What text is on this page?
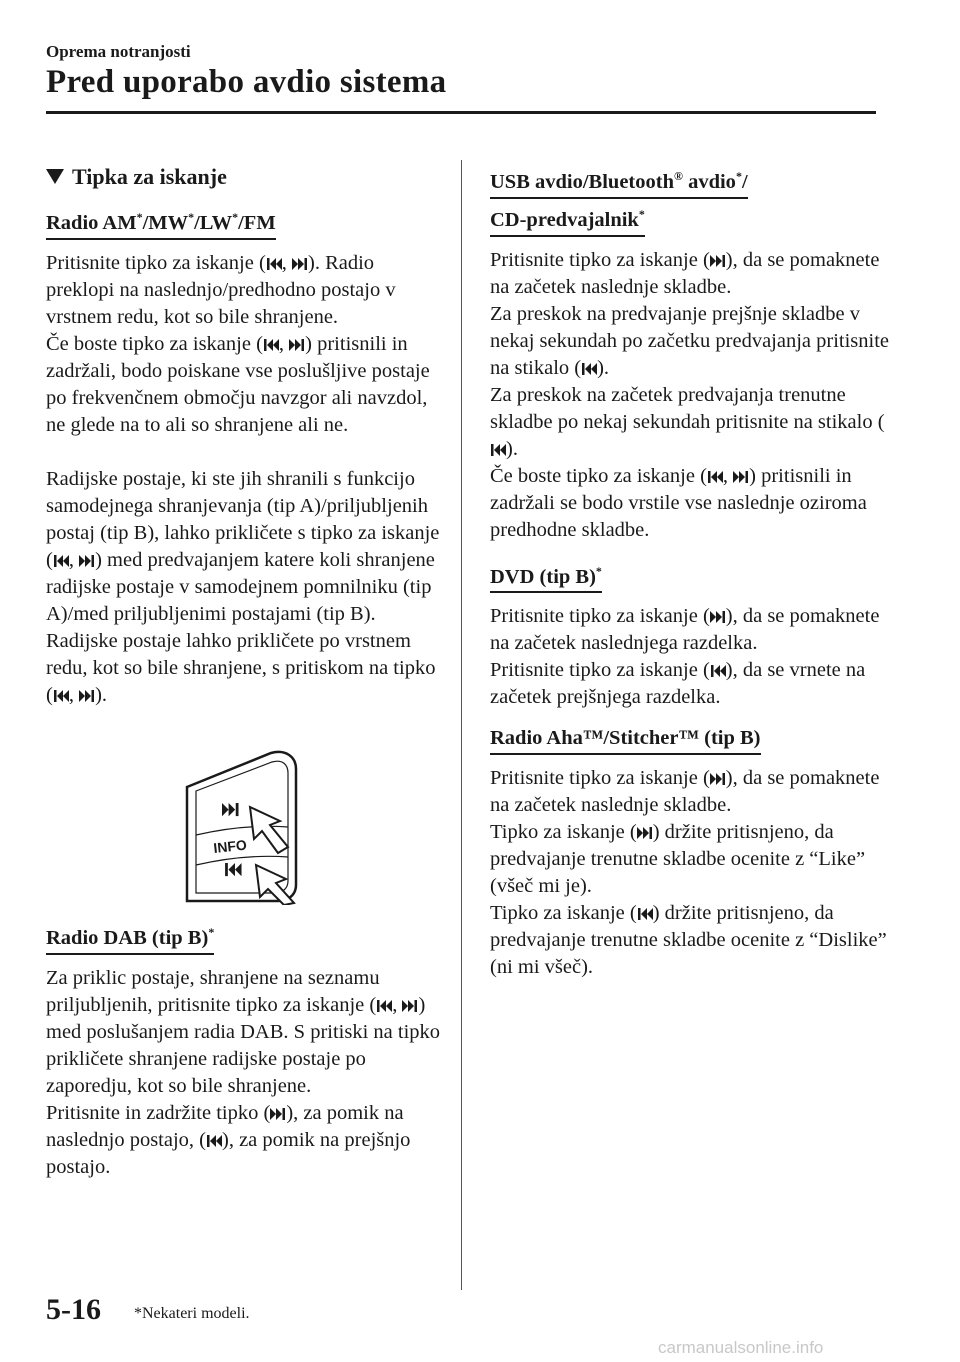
Oprema notranjosti
Pred uporabo avdio sistema
Tipka za iskanje
Radio AM*/MW*/LW*/FM

Pritisnite tipko za iskanje ( ,
). Radio preklopi na naslednjo/predhodno postajo v vrstnem redu, kot so bile shranjene.

Če boste tipko za iskanje ( ,
) pritisnili in zadržali, bodo poiskane vse poslušljive postaje po frekvenčnem območju navzgor ali navzdol, ne glede na to ali so shranjene ali ne.

Radijske postaje, ki ste jih shranili s funkcijo samodejnega shranjevanja (tip A)/priljubljenih postaj (tip B), lahko prikličete s tipko za iskanje ( ,
) med predvajanjem katere koli shranjene radijske postaje v samodejnem pomnilniku (tip A)/med priljubljenimi postajami (tip B). Radijske postaje lahko prikličete po vrstnem redu, kot so bile shranjene, s pritiskom na tipko ( ,
).

INFO
Radio DAB (tip B)*

Za priklic postaje, shranjene na seznamu priljubljenih, pritisnite tipko za iskanje ( ,
) med poslušanjem radia DAB. S pritiski na tipko prikličete shranjene radijske postaje po zaporedju, kot so bile shranjene.

Pritisnite in zadržite tipko ( ), za pomik na naslednjo postajo, ( ), za pomik na prejšnjo postajo.

USB avdio/Bluetooth® avdio*/
CD-predvajalnik*

Pritisnite tipko za iskanje ( ), da se pomaknete na začetek naslednje skladbe.

Za preskok na predvajanje prejšnje skladbe v nekaj sekundah po začetku predvajanja pritisnite na stikalo ( ).

Za preskok na začetek predvajanja trenutne skladbe po nekaj sekundah pritisnite na stikalo (
).

Če boste tipko za iskanje ( ,
) pritisnili in zadržali se bodo vrstile vse naslednje oziroma predhodne skladbe.

DVD (tip B)*

Pritisnite tipko za iskanje ( ), da se pomaknete na začetek naslednjega razdelka.

Pritisnite tipko za iskanje ( ), da se vrnete na začetek prejšnjega razdelka.

Radio Aha™/Stitcher™ (tip B)

Pritisnite tipko za iskanje ( ), da se pomaknete na začetek naslednje skladbe.

Tipko za iskanje ( ) držite pritisnjeno, da predvajanje trenutne skladbe ocenite z “Like” (všeč mi je).

Tipko za iskanje ( ) držite pritisnjeno, da predvajanje trenutne skladbe ocenite z “Dislike” (ni mi všeč).

5-16 *Nekateri modeli.
carmanualsonline.info
